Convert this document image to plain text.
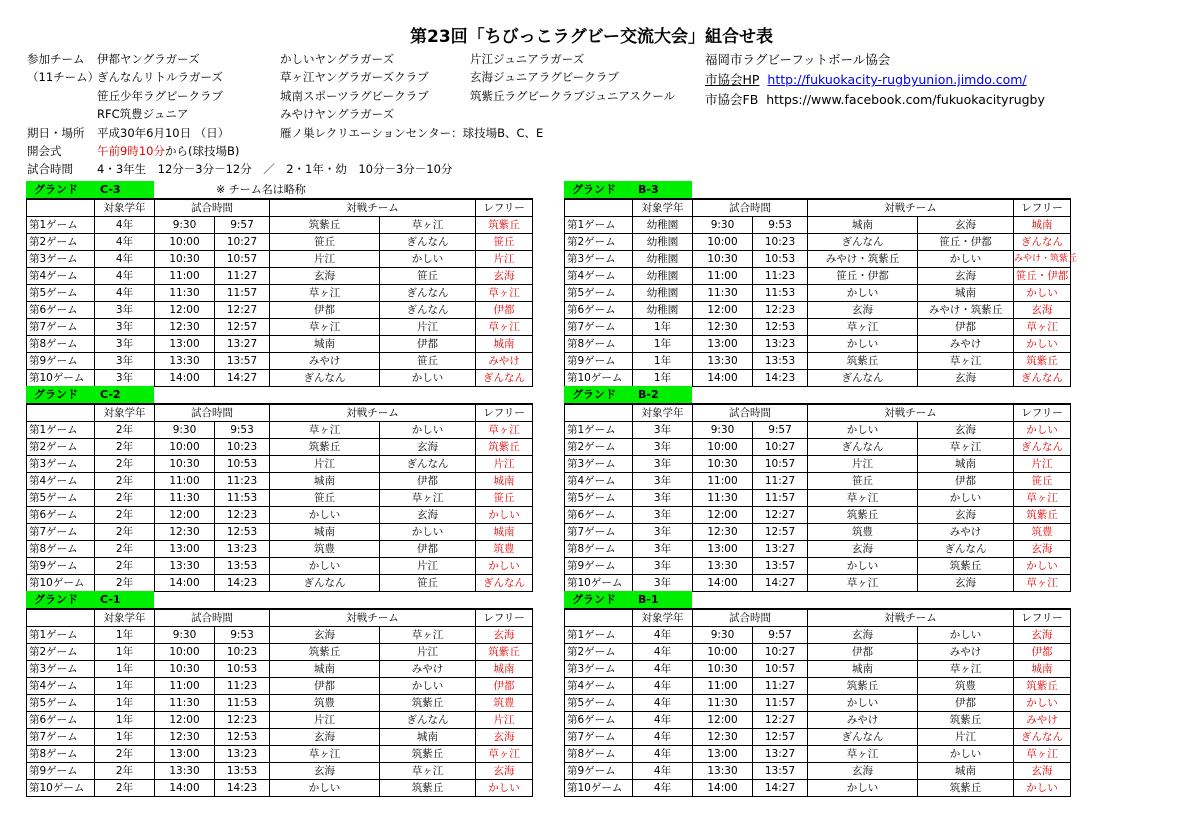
第23回「ちびっこラグビー交流大会」組合せ表
参加チーム
（11チーム）
伊都ヤングラガーズ	かしいヤングラガーズ	片江ジュニアラガーズ
ぎんなんリトルラガーズ	草ヶ江ヤングラガーズクラブ	玄海ジュニアラグビークラブ
笹丘少年ラグビークラブ	城南スポーツラグビークラブ	筑紫丘ラグビークラブジュニアスクール
RFC筑豊ジュニア	みやけヤングラガーズ
期日・場所 平成30年6月10日 （日）	雁ノ巣レクリエーションセンター：球技場B、C、E
開会式	午前9時10分から(球技場B)
試合時間 4・3年生　12分－3分－12分　／　2・1年・幼　10分－3分－10分
福岡市ラグビーフットボール協会
市協会HP http://fukuokacity-rugbyunion.jimdo.com/
市協会FB https://www.facebook.com/fukuokacityrugby
グランド　　C-3	※ チーム名は略称
	対象学年	試合時間		対戦チーム		レフリー
第1ゲーム	4年	9:30	9:57	筑紫丘	草ヶ江	筑紫丘
第2ゲーム	4年	10:00	10:27	笹丘	ぎんなん	笹丘
第3ゲーム	4年	10:30	10:57	片江	かしい	片江
第4ゲーム	4年	11:00	11:27	玄海	笹丘	玄海
第5ゲーム	4年	11:30	11:57	草ヶ江	ぎんなん	草ヶ江
第6ゲーム	3年	12:00	12:27	伊都	ぎんなん	伊都
第7ゲーム	3年	12:30	12:57	草ヶ江	片江	草ヶ江
第8ゲーム	3年	13:00	13:27	城南	伊都	城南
第9ゲーム	3年	13:30	13:57	みやけ	笹丘	みやけ
第10ゲーム	3年	14:00	14:27	ぎんなん	かしい	ぎんなん
グランド　　C-2
	対象学年	試合時間		対戦チーム		レフリー
第1ゲーム	2年	9:30	9:53	草ヶ江	かしい	草ヶ江
第2ゲーム	2年	10:00	10:23	筑紫丘	玄海	筑紫丘
第3ゲーム	2年	10:30	10:53	片江	ぎんなん	片江
第4ゲーム	2年	11:00	11:23	城南	伊都	城南
第5ゲーム	2年	11:30	11:53	笹丘	草ヶ江	笹丘
第6ゲーム	2年	12:00	12:23	かしい	玄海	かしい
第7ゲーム	2年	12:30	12:53	城南	かしい	城南
第8ゲーム	2年	13:00	13:23	筑豊	伊都	筑豊
第9ゲーム	2年	13:30	13:53	かしい	片江	かしい
第10ゲーム	2年	14:00	14:23	ぎんなん	笹丘	ぎんなん
グランド　　C-1
	対象学年	試合時間		対戦チーム		レフリー
第1ゲーム	1年	9:30	9:53	玄海	草ヶ江	玄海
第2ゲーム	1年	10:00	10:23	筑紫丘	片江	筑紫丘
第3ゲーム	1年	10:30	10:53	城南	みやけ	城南
第4ゲーム	1年	11:00	11:23	伊都	かしい	伊都
第5ゲーム	1年	11:30	11:53	筑豊	筑紫丘	筑豊
第6ゲーム	1年	12:00	12:23	片江	ぎんなん	片江
第7ゲーム	1年	12:30	12:53	玄海	城南	玄海
第8ゲーム	2年	13:00	13:23	草ヶ江	筑紫丘	草ヶ江
第9ゲーム	2年	13:30	13:53	玄海	草ヶ江	玄海
第10ゲーム	2年	14:00	14:23	かしい	筑紫丘	かしい
グランド　　B-3
	対象学年	試合時間		対戦チーム		レフリー
第1ゲーム	幼稚園	9:30	9:53	城南	玄海	城南
第2ゲーム	幼稚園	10:00	10:23	ぎんなん	笹丘・伊都	ぎんなん
第3ゲーム	幼稚園	10:30	10:53	みやけ・筑紫丘	かしい	みやけ・筑紫丘
第4ゲーム	幼稚園	11:00	11:23	笹丘・伊都	玄海	笹丘・伊都
第5ゲーム	幼稚園	11:30	11:53	かしい	城南	かしい
第6ゲーム	幼稚園	12:00	12:23	玄海	みやけ・筑紫丘	玄海
第7ゲーム	1年	12:30	12:53	草ヶ江	伊都	草ヶ江
第8ゲーム	1年	13:00	13:23	かしい	みやけ	かしい
第9ゲーム	1年	13:30	13:53	筑紫丘	草ヶ江	筑紫丘
第10ゲーム	1年	14:00	14:23	ぎんなん	玄海	ぎんなん
グランド　　B-2
	対象学年	試合時間		対戦チーム		レフリー
第1ゲーム	3年	9:30	9:57	かしい	玄海	かしい
第2ゲーム	3年	10:00	10:27	ぎんなん	草ヶ江	ぎんなん
第3ゲーム	3年	10:30	10:57	片江	城南	片江
第4ゲーム	3年	11:00	11:27	笹丘	伊都	笹丘
第5ゲーム	3年	11:30	11:57	草ヶ江	かしい	草ヶ江
第6ゲーム	3年	12:00	12:27	筑紫丘	玄海	筑紫丘
第7ゲーム	3年	12:30	12:57	筑豊	みやけ	筑豊
第8ゲーム	3年	13:00	13:27	玄海	ぎんなん	玄海
第9ゲーム	3年	13:30	13:57	かしい	筑紫丘	かしい
第10ゲーム	3年	14:00	14:27	草ヶ江	玄海	草ヶ江
グランド　　B-1
	対象学年	試合時間		対戦チーム		レフリー
第1ゲーム	4年	9:30	9:57	玄海	かしい	玄海
第2ゲーム	4年	10:00	10:27	伊都	みやけ	伊都
第3ゲーム	4年	10:30	10:57	城南	草ヶ江	城南
第4ゲーム	4年	11:00	11:27	筑紫丘	筑豊	筑紫丘
第5ゲーム	4年	11:30	11:57	かしい	伊都	かしい
第6ゲーム	4年	12:00	12:27	みやけ	筑紫丘	みやけ
第7ゲーム	4年	12:30	12:57	ぎんなん	片江	ぎんなん
第8ゲーム	4年	13:00	13:27	草ヶ江	かしい	草ヶ江
第9ゲーム	4年	13:30	13:57	玄海	城南	玄海
第10ゲーム	4年	14:00	14:27	かしい	筑紫丘	かしい
